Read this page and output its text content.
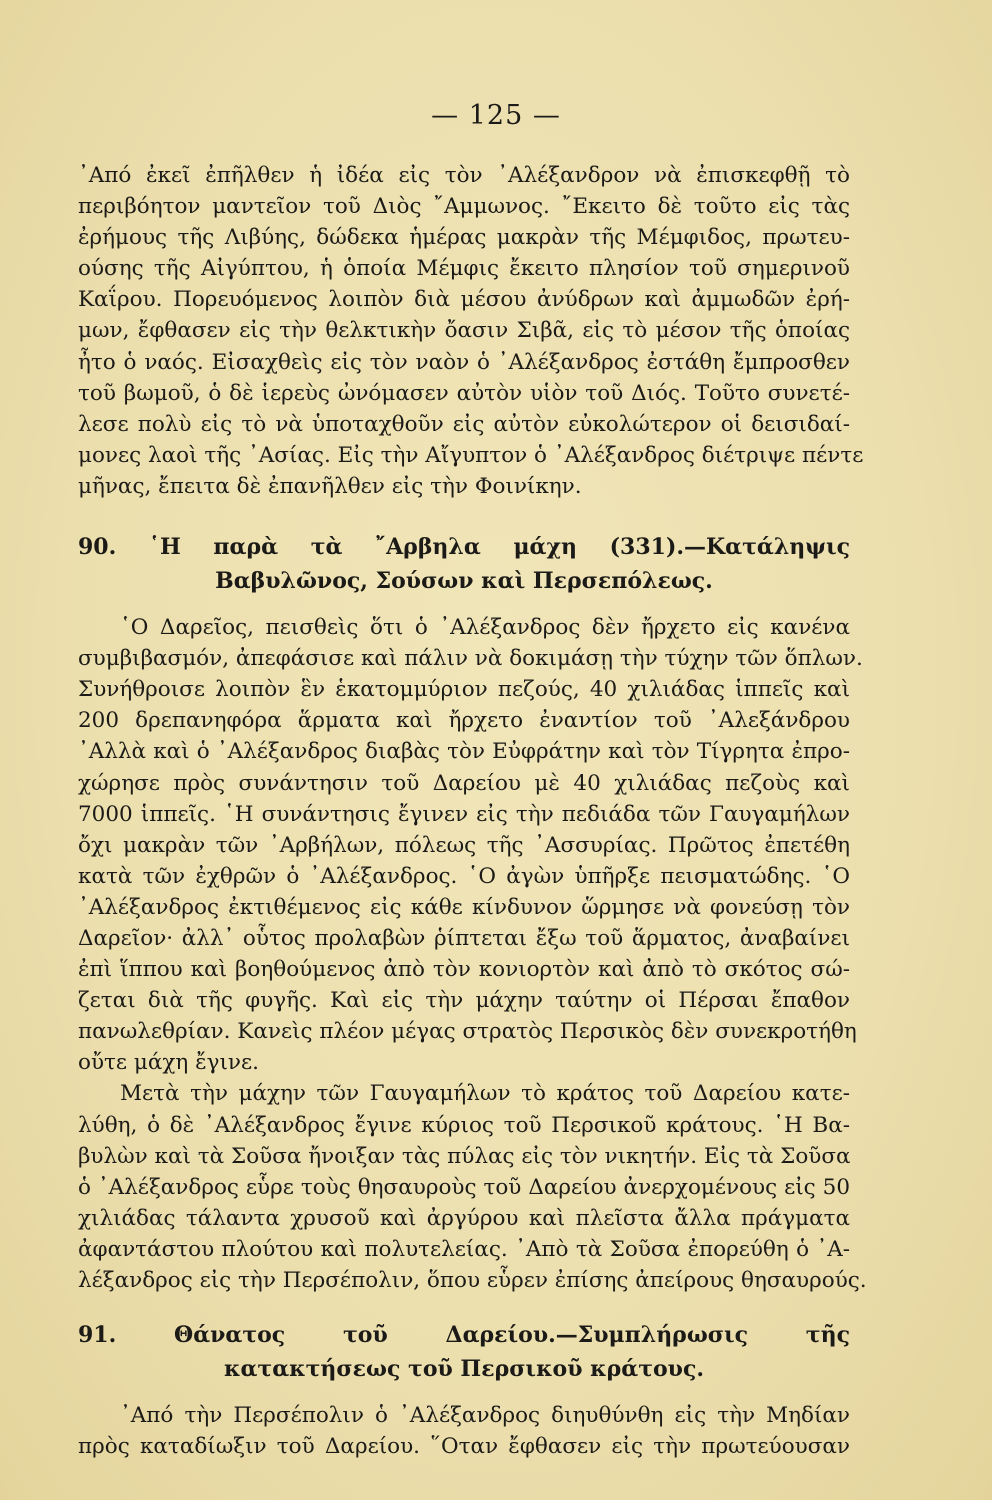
— 125 —

᾿Από ἐκεῖ ἐπῆλθεν ἡ ἰδέα εἰς τὸν ᾿Αλέξανδρον νὰ ἐπισκεφθῇ τὸ
περιβόητον μαντεῖον τοῦ Διὸς ῎Αμμωνος. ῎Εκειτο δὲ τοῦτο εἰς τὰς
ἐρήμους τῆς Λιβύης, δώδεκα ἡμέρας μακρὰν τῆς Μέμφιδος, πρωτευ-
ούσης τῆς Αἰγύπτου, ἡ ὁποία Μέμφις ἔκειτο πλησίον τοῦ σημερινοῦ
Καΐρου. Πορευόμενος λοιπὸν διὰ μέσου ἀνύδρων καὶ ἀμμωδῶν ἐρή-
μων, ἔφθασεν εἰς τὴν θελκτικὴν ὄασιν Σιβᾶ, εἰς τὸ μέσον τῆς ὁποίας
ἦτο ὁ ναός. Εἰσαχθεὶς εἰς τὸν ναὸν ὁ ᾿Αλέξανδρος ἐστάθη ἔμπροσθεν
τοῦ βωμοῦ, ὁ δὲ ἱερεὺς ὠνόμασεν αὐτὸν υἱὸν τοῦ Διός. Τοῦτο συνετέ-
λεσε πολὺ εἰς τὸ νὰ ὑποταχθοῦν εἰς αὐτὸν εὐκολώτερον οἱ δεισιδαί-
μονες λαοὶ τῆς ᾿Ασίας. Εἰς τὴν Αἴγυπτον ὁ ᾿Αλέξανδρος διέτριψε πέντε
μῆνας, ἔπειτα δὲ ἐπανῆλθεν εἰς τὴν Φοινίκην.

90. ῾Η παρὰ τὰ ῎Αρβηλα μάχη (331).—Κατάληψις
Βαβυλῶνος, Σούσων καὶ Περσεπόλεως.

῾Ο Δαρεῖος, πεισθεὶς ὅτι ὁ ᾿Αλέξανδρος δὲν ἤρχετο εἰς κανένα
συμβιβασμόν, ἀπεφάσισε καὶ πάλιν νὰ δοκιμάσῃ τὴν τύχην τῶν ὅπλων.
Συνήθροισε λοιπὸν ἓν ἑκατομμύριον πεζούς, 40 χιλιάδας ἱππεῖς καὶ
200 δρεπανηφόρα ἅρματα καὶ ἤρχετο ἐναντίον τοῦ ᾿Αλεξάνδρου
᾿Αλλὰ καὶ ὁ ᾿Αλέξανδρος διαβὰς τὸν Εὐφράτην καὶ τὸν Τίγρητα ἐπρο-
χώρησε πρὸς συνάντησιν τοῦ Δαρείου μὲ 40 χιλιάδας πεζοὺς καὶ
7000 ἱππεῖς. ῾Η συνάντησις ἔγινεν εἰς τὴν πεδιάδα τῶν Γαυγαμήλων
ὄχι μακρὰν τῶν ᾿Αρβήλων, πόλεως τῆς ᾿Ασσυρίας. Πρῶτος ἐπετέθη
κατὰ τῶν ἐχθρῶν ὁ ᾿Αλέξανδρος. ῾Ο ἀγὼν ὑπῆρξε πεισματώδης. ῾Ο
᾿Αλέξανδρος ἐκτιθέμενος εἰς κάθε κίνδυνον ὥρμησε νὰ φονεύσῃ τὸν
Δαρεῖον· ἀλλ᾿ οὗτος προλαβὼν ῥίπτεται ἔξω τοῦ ἅρματος, ἀναβαίνει
ἐπὶ ἵππου καὶ βοηθούμενος ἀπὸ τὸν κονιορτὸν καὶ ἀπὸ τὸ σκότος σώ-
ζεται διὰ τῆς φυγῆς. Καὶ εἰς τὴν μάχην ταύτην οἱ Πέρσαι ἔπαθον
πανωλεθρίαν. Κανεὶς πλέον μέγας στρατὸς Περσικὸς δὲν συνεκροτήθη
οὔτε μάχη ἔγινε.

Μετὰ τὴν μάχην τῶν Γαυγαμήλων τὸ κράτος τοῦ Δαρείου κατε-
λύθη, ὁ δὲ ᾿Αλέξανδρος ἔγινε κύριος τοῦ Περσικοῦ κράτους. ῾Η Βα-
βυλὼν καὶ τὰ Σοῦσα ἤνοιξαν τὰς πύλας εἰς τὸν νικητήν. Εἰς τὰ Σοῦσα
ὁ ᾿Αλέξανδρος εὗρε τοὺς θησαυροὺς τοῦ Δαρείου ἀνερχομένους εἰς 50
χιλιάδας τάλαντα χρυσοῦ καὶ ἀργύρου καὶ πλεῖστα ἄλλα πράγματα
ἀφαντάστου πλούτου καὶ πολυτελείας. ᾿Απὸ τὰ Σοῦσα ἐπορεύθη ὁ ᾿Α-
λέξανδρος εἰς τὴν Περσέπολιν, ὅπου εὗρεν ἐπίσης ἀπείρους θησαυρούς.

91. Θάνατος τοῦ Δαρείου.—Συμπλήρωσις τῆς
κατακτήσεως τοῦ Περσικοῦ κράτους.

᾿Από τὴν Περσέπολιν ὁ ᾿Αλέξανδρος διηυθύνθη εἰς τὴν Μηδίαν
πρὸς καταδίωξιν τοῦ Δαρείου. ῞Οταν ἔφθασεν εἰς τὴν πρωτεύουσαν
